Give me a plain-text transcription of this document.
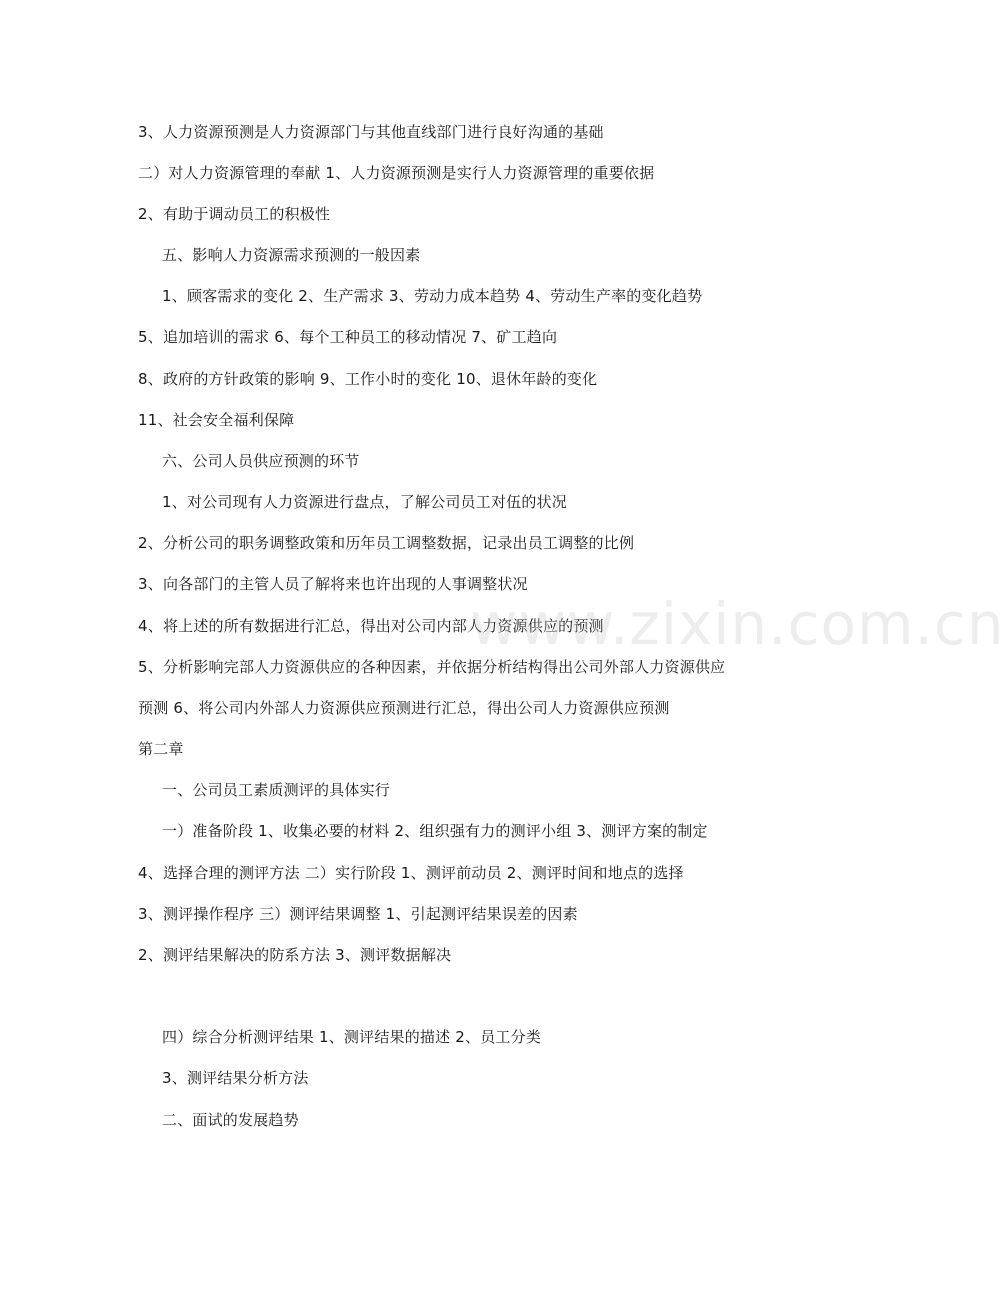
3、人力资源预测是人力资源部门与其他直线部门进行良好沟通的基础
二）对人力资源管理的奉献 1、人力资源预测是实行人力资源管理的重要依据
2、有助于调动员工的积极性
五、影响人力资源需求预测的一般因素
1、顾客需求的变化 2、生产需求 3、劳动力成本趋势 4、劳动生产率的变化趋势
5、追加培训的需求 6、每个工种员工的移动情况 7、矿工趋向
8、政府的方针政策的影响 9、工作小时的变化 10、退休年龄的变化
11、社会安全福利保障
六、公司人员供应预测的环节
1、对公司现有人力资源进行盘点，了解公司员工对伍的状况
2、分析公司的职务调整政策和历年员工调整数据，记录出员工调整的比例
3、向各部门的主管人员了解将来也许出现的人事调整状况
4、将上述的所有数据进行汇总，得出对公司内部人力资源供应的预测
5、分析影响完部人力资源供应的各种因素，并依据分析结构得出公司外部人力资源供应
预测 6、将公司内外部人力资源供应预测进行汇总，得出公司人力资源供应预测
第二章
一、公司员工素质测评的具体实行
一）准备阶段 1、收集必要的材料 2、组织强有力的测评小组 3、测评方案的制定
4、选择合理的测评方法 二）实行阶段 1、测评前动员 2、测评时间和地点的选择
3、测评操作程序 三）测评结果调整 1、引起测评结果误差的因素
2、测评结果解决的防系方法 3、测评数据解决
四）综合分析测评结果 1、测评结果的描述 2、员工分类
3、测评结果分析方法
二、面试的发展趋势
www.zixin.com.cn
